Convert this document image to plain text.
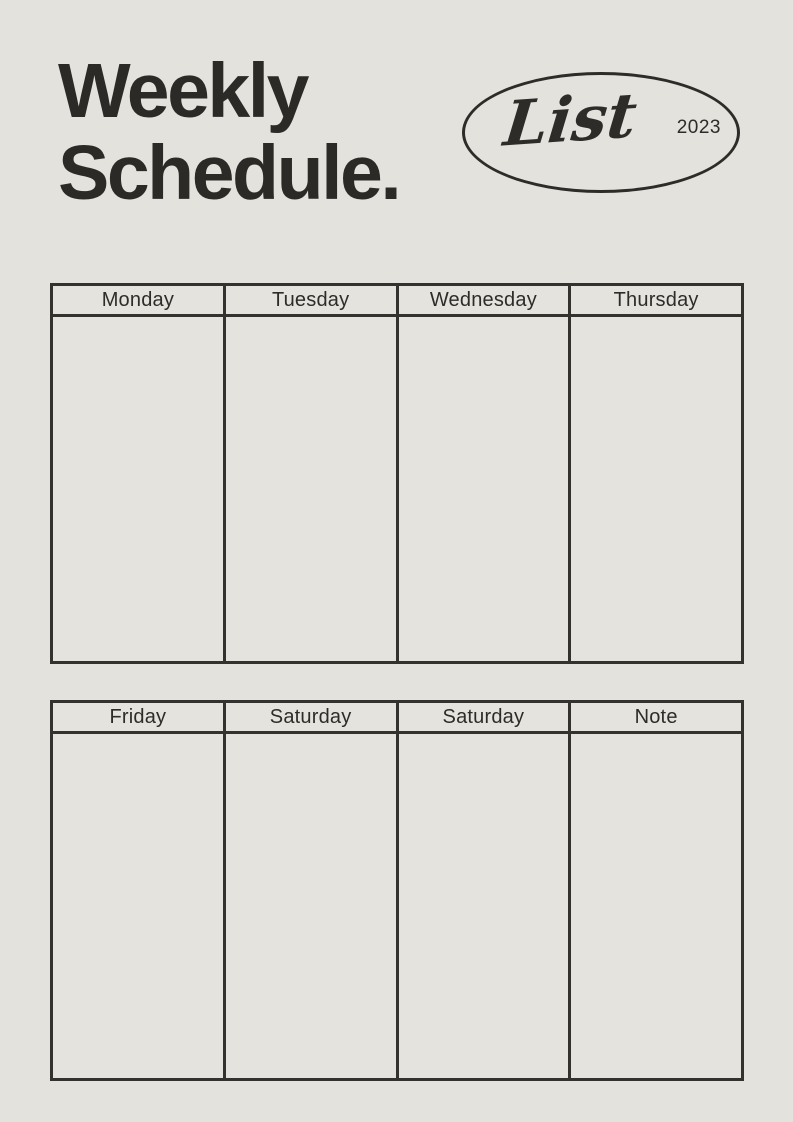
Weekly
Schedule.
List 2023
Monday	Tuesday	Wednesday	Thursday

Friday	Saturday	Saturday	Note
